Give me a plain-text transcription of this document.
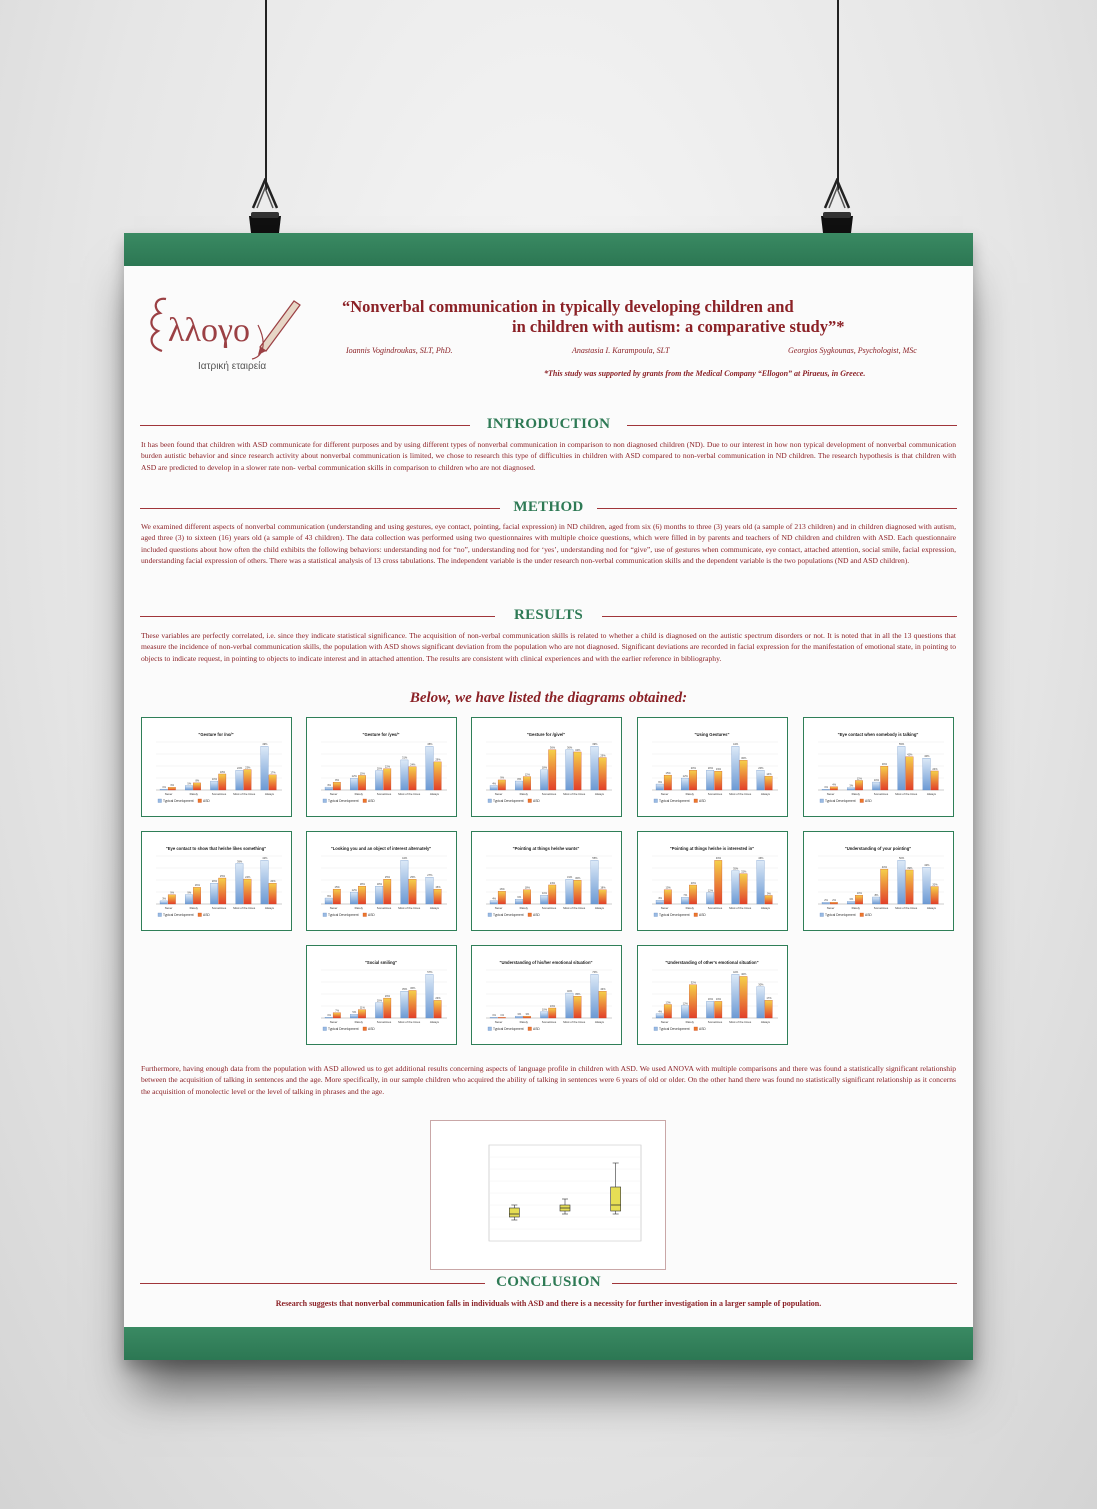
λλογο
Ιατρική εταιρεία
“Nonverbal communication in typically developing children and
in children with autism: a comparative study”*
Ioannis Vogindroukas, SLT, PhD.	Anastasia I. Karampoula, SLT	Georgios Sygkounas, Psychologist, MSc
*This study was supported by grants from the Medical Company “Ellogon” at Piraeus, in Greece.
INTRODUCTION
It has been found that children with ASD communicate for different purposes and by using different types of nonverbal communication in comparison to non diagnosed children (ND). Due to our interest in how non typical development of nonverbal communication burden autistic behavior and since research activity about nonverbal communication is limited, we chose to research this type of difficulties in children with ASD compared to non-verbal communication in ND children. The research hypothesis is that children with ASD are predicted to develop in a slower rate non- verbal communication skills in comparison to children who are not diagnosed.
METHOD
We examined different aspects of nonverbal communication (understanding and using gestures, eye contact, pointing, facial expression) in ND children, aged from six (6) months to three (3) years old (a sample of 213 children) and in children diagnosed with autism, aged three (3) to sixteen (16) years old (a sample of 43 children). The data collection was performed using two questionnaires with multiple choice questions, which were filled in by parents and teachers of ND children and children with ASD. Each questionnaire included questions about how often the child exhibits the following behaviors: understanding nod for “no”, understanding nod for ‘yes’, understanding nod for “give”, use of gestures when communicate, eye contact, attached attention, social smile, facial expression, understanding facial expression of others. There was a statistical analysis of 13 cross tabulations. The independent variable is the under research non-verbal communication skills and the dependent variable is the two populations (ND and ASD children).
RESULTS
These variables are perfectly correlated, i.e. since they indicate statistical significance. The acquisition of non-verbal communication skills is related to whether a child is diagnosed on the autistic spectrum disorders or not. It is noted that in all the 13 questions that measure the incidence of non-verbal communication skills, the population with ASD shows significant deviation from the population who are not diagnosed. Significant deviations are recorded in facial expression for the manifestation of emotional state, in pointing to objects to indicate request, in pointing to objects to indicate interest and in attached attention. The results are consistent with clinical experiences and with the earlier reference in bibliography.
Below, we have listed the diagrams obtained:
Furthermore, having enough data from the population with ASD allowed us to get additional results concerning aspects of language profile in children with ASD. We used ANOVA with multiple comparisons and there was found a statistically significant relationship between the acquisition of talking in sentences and the age. More specifically, in our sample children who acquired the ability of talking in sentences were 6 years of old or older. On the other hand there was found no statistically significant relationship as it concerns the acquisition of monolectic level or the level of talking in phrases and the age.
CONCLUSION
Research suggests that nonverbal communication falls in individuals with ASD and there is a necessity for further investigation in a larger sample of population.
"Gesture for /no/"
1%
3%
Never
5%
8%
Rarely
10%
18%
Sometimes
22% 23%
Most of the times
49%
17%
Always
Typical Development	ASD
"Gesture for /yes/"
3%
8%
Never
12%
15%
Rarely
20%
22%
Sometimes
31%
24%
Most of the times
45%
29%
Always
Typical Development	ASD
"Gesture for /give/"
4%
9%
Never
8%
12%
Rarely
18%
36%
Sometimes
36%
34%
Most of the times
39%
29%
Always
Typical Development	ASD
"Using Gestures"
6%
15%
Never
12%
20%
Rarely
20% 19%
Sometimes
44%
30%
Most of the times
20%
14%
Always
Typical Development	ASD
"Eye contact when somebody is talking"
1%
4%
Never
3%
12%
Rarely
10%
30%
Sometimes
55%
42%
Most of the times
40%
24%
Always
Typical Development	ASD
"Eye contact to show that he/she likes something"
3%
9%
Never
9%
16%
Rarely
20%
25%
Sometimes
39%
24%
Most of the times
42%
20%
Always
Typical Development	ASD
"Looking you and an object of interest alternately"
6%
15%
Never
12%
18%
Rarely
18%
25%
Sometimes
44%
25%
Most of the times
27%
15%
Always
Typical Development	ASD
"Pointing at things he/she wants"
4%
16%
Never
6%
18%
Rarely
11%
24%
Sometimes
31% 30%
Most of the times
55%
18%
Always
Typical Development	ASD
"Pointing at things he/she is interested in"
4%
15%
Never
7%
20%
Rarely
12%
46%
Sometimes
35%
32%
Most of the times
46%
9%
Always
Typical Development	ASD
"Understanding of your pointing"
2% 2%
Never
3%
10%
Rarely
8%
40%
Sometimes
50%
39%
Most of the times
42%
20%
Always
Typical Development	ASD
"Social smiling"
1%
7%
Never
5%
11%
Rarely
20%
26%
Sometimes
35% 36%
Most of the times
57%
23%
Always
Typical Development	ASD
"Understanding of his/her emotional situation"
1% 1%
Never
3% 3%
Rarely
10%
16%
Sometimes
40%
35%
Most of the times
70%
43%
Always
Typical Development	ASD
"Understanding of other's emotional situation"
4%
13%
Never
12%
32%
Rarely
16% 16%
Sometimes
42%
40%
Most of the times
30%
17%
Always
Typical Development	ASD
